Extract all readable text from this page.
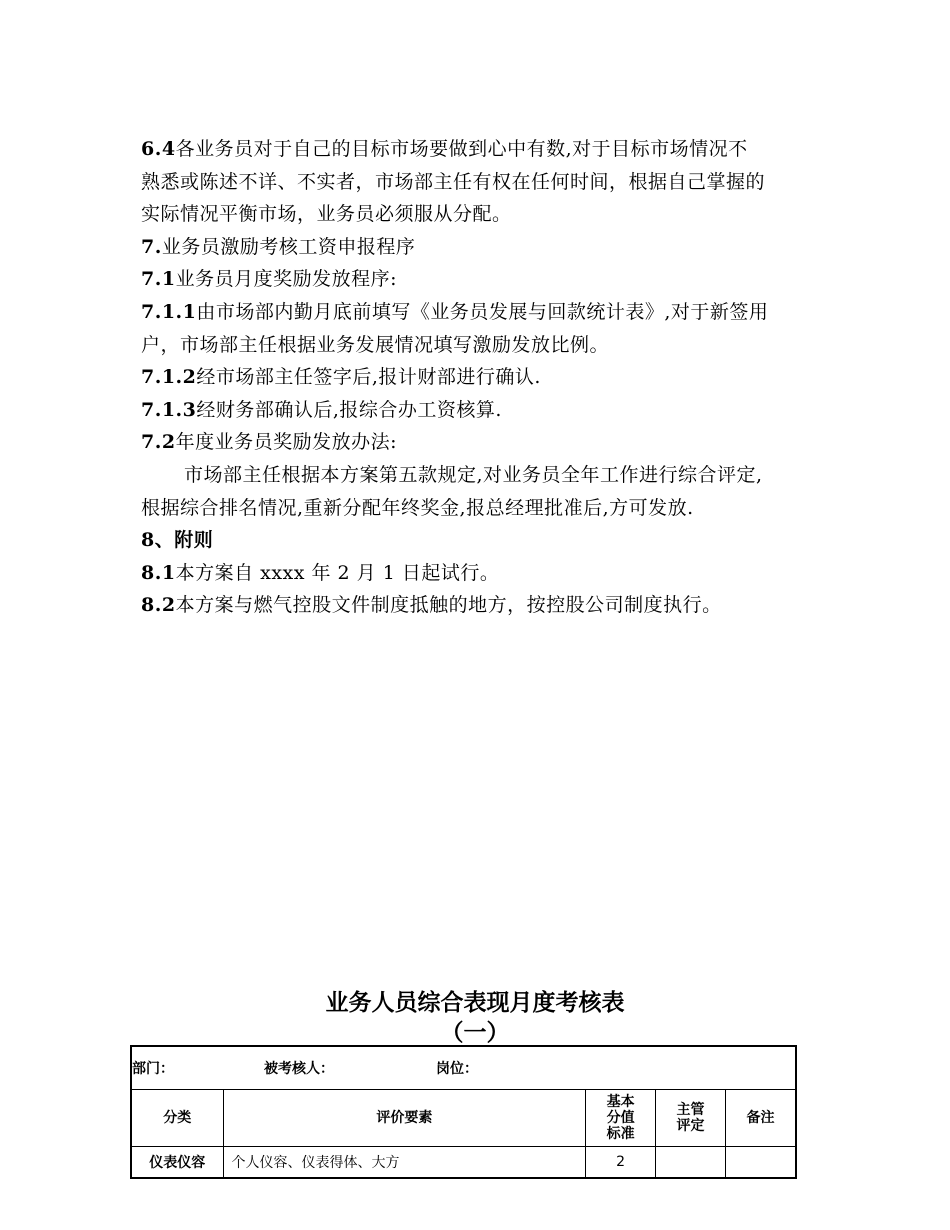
6.4各业务员对于自己的目标市场要做到心中有数,对于目标市场情况不
熟悉或陈述不详、不实者，市场部主任有权在任何时间，根据自己掌握的
实际情况平衡市场，业务员必须服从分配。
7.业务员激励考核工资申报程序
7.1业务员月度奖励发放程序:
7.1.1由市场部内勤月底前填写《业务员发展与回款统计表》,对于新签用
户，市场部主任根据业务发展情况填写激励发放比例。
7.1.2经市场部主任签字后,报计财部进行确认.
7.1.3经财务部确认后,报综合办工资核算.
7.2年度业务员奖励发放办法:
市场部主任根据本方案第五款规定,对业务员全年工作进行综合评定,
根据综合排名情况,重新分配年终奖金,报总经理批准后,方可发放.
8、附则
8.1本方案自 xxxx 年 2 月 1 日起试行。
8.2本方案与燃气控股文件制度抵触的地方，按控股公司制度执行。
业务人员综合表现月度考核表
（一）
部门： 被考核人： 岗位：				
分类	评价要素	基本
分值
标准	主管
评定	备注
仪表仪容	个人仪容、仪表得体、大方	2		
